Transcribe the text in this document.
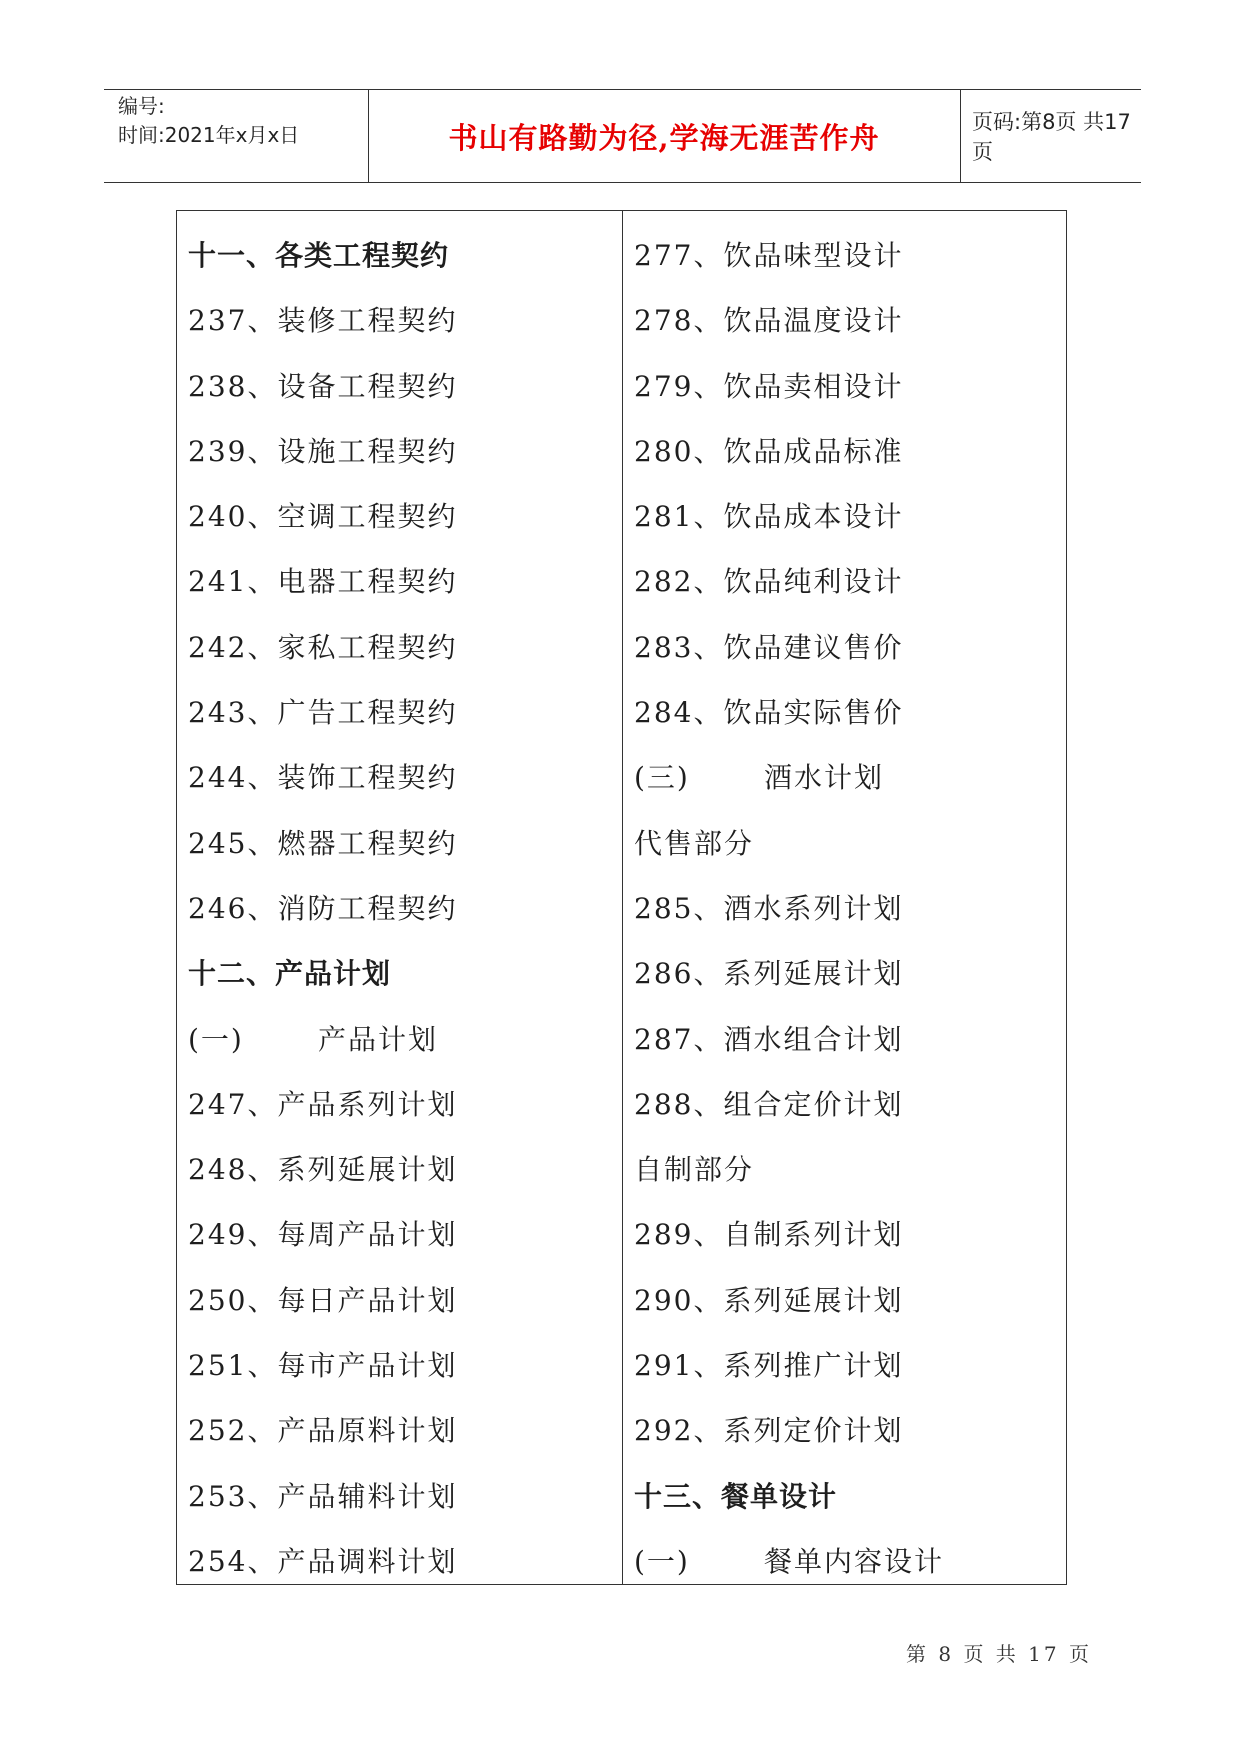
编号:
时间:2021年x月x日	书山有路勤为径,学海无涯苦作舟	页码:第8页 共17页
十一、各类工程契约
237、装修工程契约
238、设备工程契约
239、设施工程契约
240、空调工程契约
241、电器工程契约
242、家私工程契约
243、广告工程契约
244、装饰工程契约
245、燃器工程契约
246、消防工程契约
十二、产品计划
(一)	产品计划
247、产品系列计划
248、系列延展计划
249、每周产品计划
250、每日产品计划
251、每市产品计划
252、产品原料计划
253、产品辅料计划
254、产品调料计划
277、饮品味型设计
278、饮品温度设计
279、饮品卖相设计
280、饮品成品标准
281、饮品成本设计
282、饮品纯利设计
283、饮品建议售价
284、饮品实际售价
(三)	酒水计划
代售部分
285、酒水系列计划
286、系列延展计划
287、酒水组合计划
288、组合定价计划
自制部分
289、自制系列计划
290、系列延展计划
291、系列推广计划
292、系列定价计划
十三、餐单设计
(一)	餐单内容设计
第 8 页 共 17 页
